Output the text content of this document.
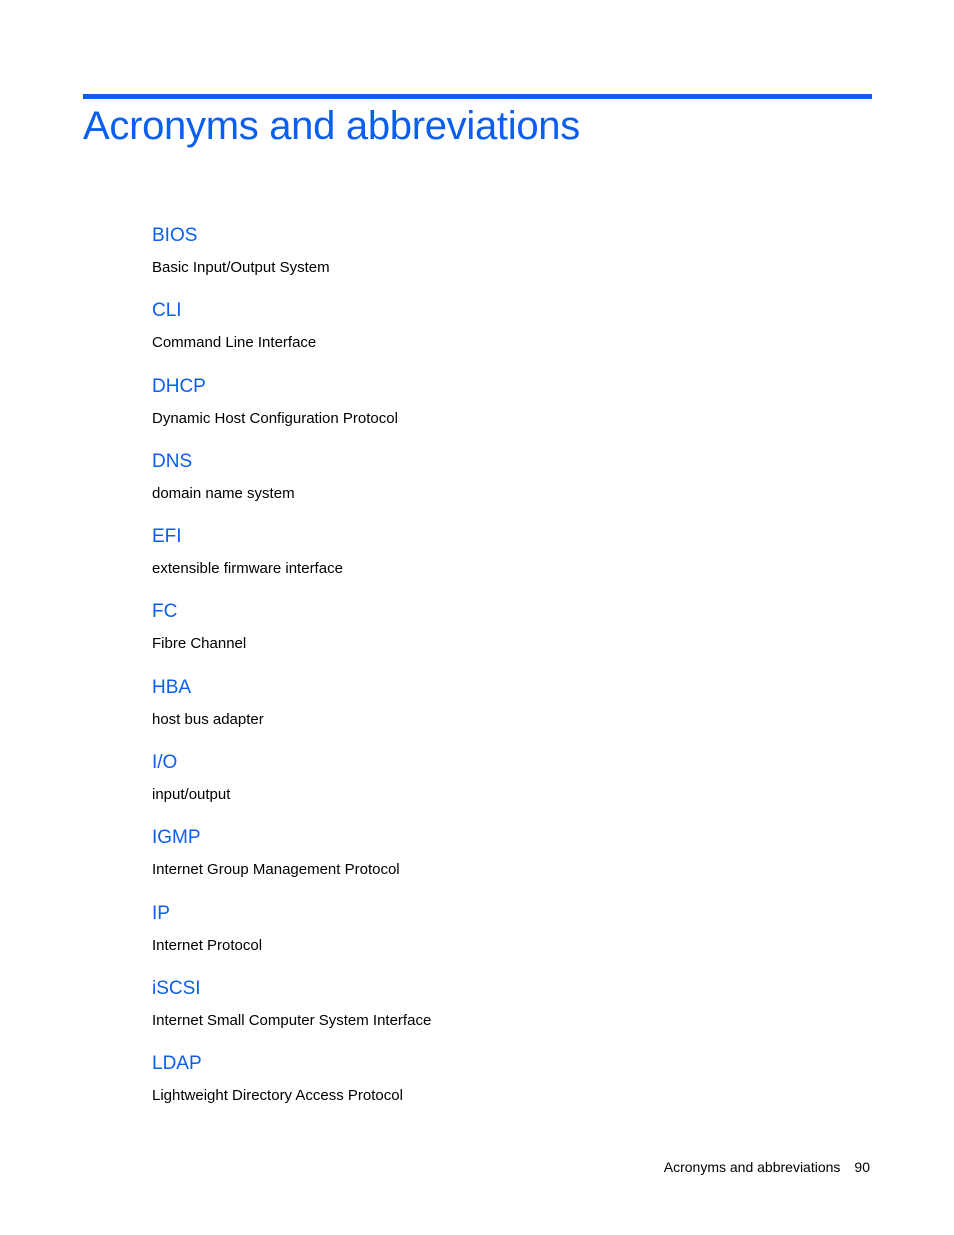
Acronyms and abbreviations
BIOS
Basic Input/Output System
CLI
Command Line Interface
DHCP
Dynamic Host Configuration Protocol
DNS
domain name system
EFI
extensible firmware interface
FC
Fibre Channel
HBA
host bus adapter
I/O
input/output
IGMP
Internet Group Management Protocol
IP
Internet Protocol
iSCSI
Internet Small Computer System Interface
LDAP
Lightweight Directory Access Protocol
Acronyms and abbreviations 90
